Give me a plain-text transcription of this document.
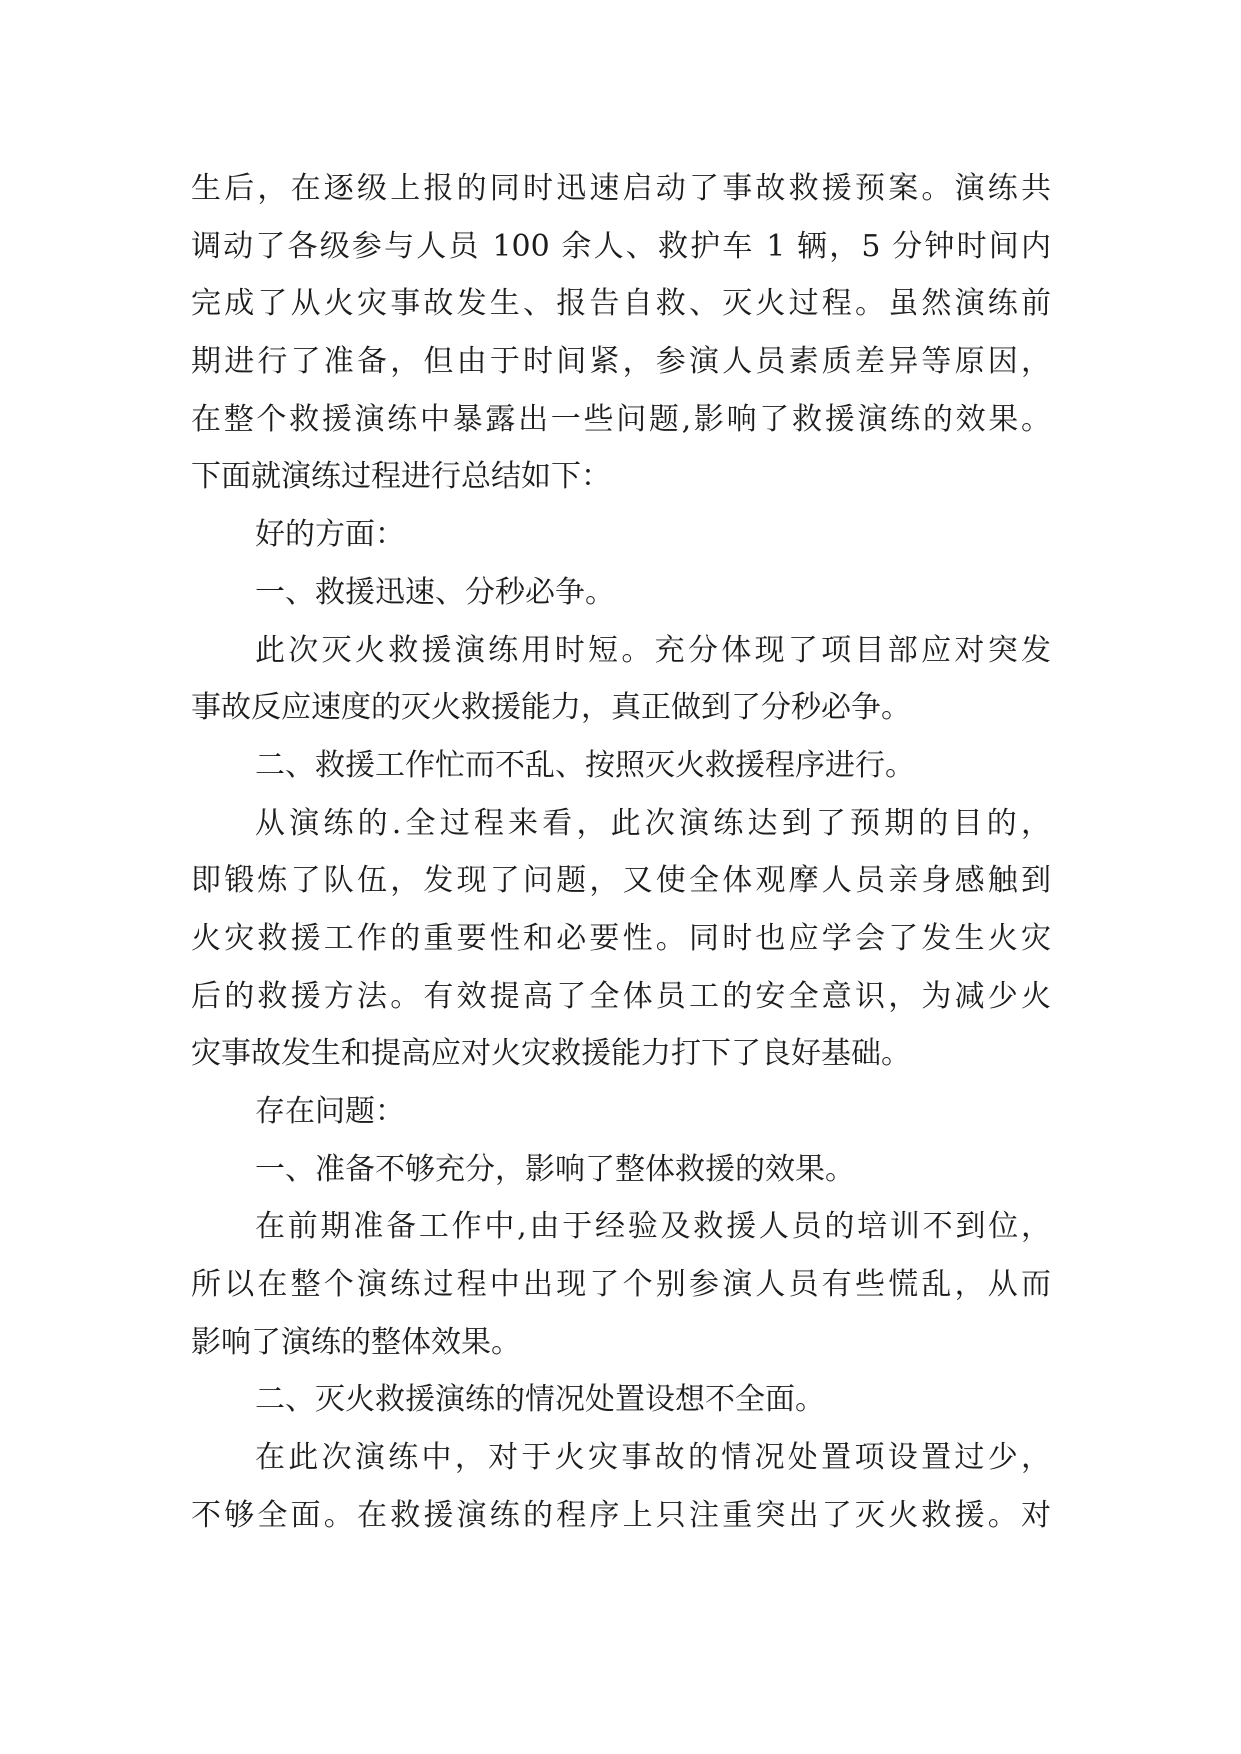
生后，在逐级上报的同时迅速启动了事故救援预案。演练共
调动了各级参与人员 100 余人、救护车 1 辆，5 分钟时间内
完成了从火灾事故发生、报告自救、灭火过程。虽然演练前
期进行了准备，但由于时间紧，参演人员素质差异等原因，
在整个救援演练中暴露出一些问题,影响了救援演练的效果。
下面就演练过程进行总结如下：
好的方面：
一、救援迅速、分秒必争。
此次灭火救援演练用时短。充分体现了项目部应对突发
事故反应速度的灭火救援能力，真正做到了分秒必争。
二、救援工作忙而不乱、按照灭火救援程序进行。
从演练的.全过程来看，此次演练达到了预期的目的，
即锻炼了队伍，发现了问题，又使全体观摩人员亲身感触到
火灾救援工作的重要性和必要性。同时也应学会了发生火灾
后的救援方法。有效提高了全体员工的安全意识，为减少火
灾事故发生和提高应对火灾救援能力打下了良好基础。
存在问题：
一、准备不够充分，影响了整体救援的效果。
在前期准备工作中,由于经验及救援人员的培训不到位，
所以在整个演练过程中出现了个别参演人员有些慌乱，从而
影响了演练的整体效果。
二、灭火救援演练的情况处置设想不全面。
在此次演练中，对于火灾事故的情况处置项设置过少，
不够全面。在救援演练的程序上只注重突出了灭火救援。对
